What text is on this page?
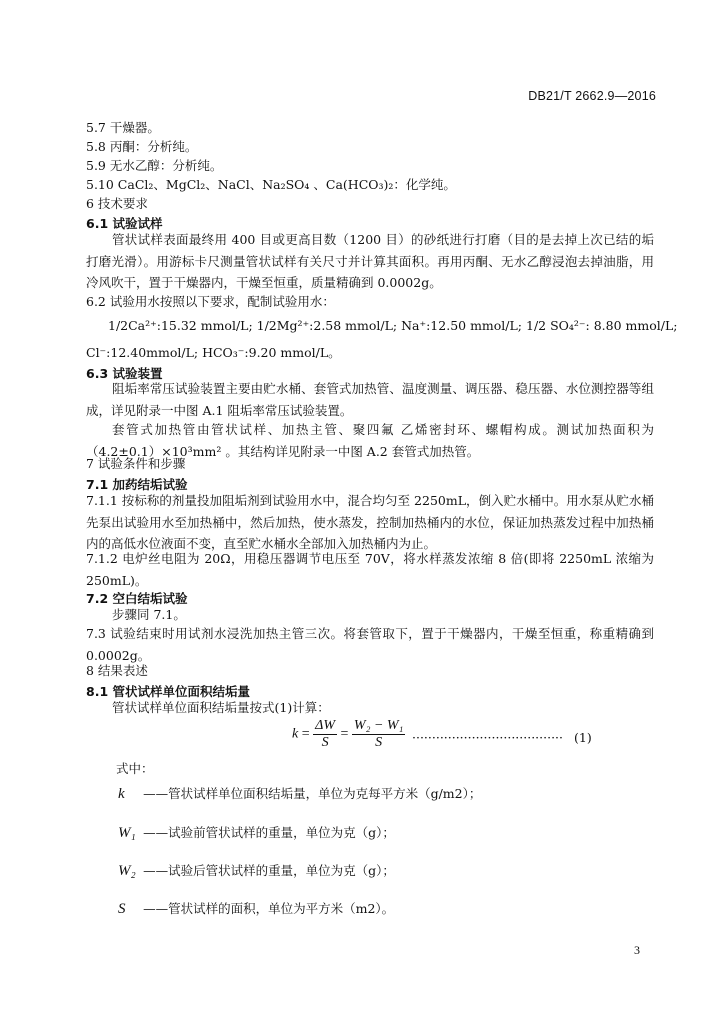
DB21/T 2662.9—2016
5.7 干燥器。
5.8 丙酮：分析纯。
5.9 无水乙醇：分析纯。
5.10 CaCl₂、MgCl₂、NaCl、Na₂SO₄ 、Ca(HCO₃)₂：化学纯。
6 技术要求
6.1 试验试样
管状试样表面最终用 400 目或更高目数（1200 目）的砂纸进行打磨（目的是去掉上次已结的垢打磨光滑）。用游标卡尺测量管状试样有关尺寸并计算其面积。再用丙酮、无水乙醇浸泡去掉油脂，用冷风吹干，置于干燥器内，干燥至恒重，质量精确到 0.0002g。
6.2 试验用水按照以下要求，配制试验用水：
1/2Ca²⁺:15.32 mmol/L; 1/2Mg²⁺:2.58 mmol/L; Na⁺:12.50 mmol/L; 1/2 SO₄²⁻: 8.80 mmol/L;
Cl⁻:12.40mmol/L; HCO₃⁻:9.20 mmol/L。
6.3 试验装置
阻垢率常压试验装置主要由贮水桶、套管式加热管、温度测量、调压器、稳压器、水位测控器等组成，详见附录一中图 A.1 阻垢率常压试验装置。
套管式加热管由管状试样、加热主管、聚四氟 乙烯密封环、螺帽构成。测试加热面积为（4.2±0.1）×10³mm² 。其结构详见附录一中图 A.2 套管式加热管。
7 试验条件和步骤
7.1 加药结垢试验
7.1.1 按标称的剂量投加阻垢剂到试验用水中，混合均匀至 2250mL，倒入贮水桶中。用水泵从贮水桶先泵出试验用水至加热桶中，然后加热，使水蒸发，控制加热桶内的水位，保证加热蒸发过程中加热桶内的高低水位液面不变，直至贮水桶水全部加入加热桶内为止。
7.1.2 电炉丝电阻为 20Ω，用稳压器调节电压至 70V，将水样蒸发浓缩 8 倍(即将 2250mL 浓缩为 250mL)。
7.2 空白结垢试验
步骤同 7.1。
7.3 试验结束时用试剂水浸洗加热主管三次。将套管取下，置于干燥器内，干燥至恒重，称重精确到 0.0002g。
8 结果表述
8.1 管状试样单位面积结垢量
管状试样单位面积结垢量按式(1)计算：
$k = \frac{\Delta W}{S} = \frac{\text{W₂ − W₁}}{S}$ ······································ (1)
式中：
k ——管状试样单位面积结垢量，单位为克每平方米（g/m2）；
W₁ ——试验前管状试样的重量，单位为克（g）；
W₂ ——试验后管状试样的重量，单位为克（g）；
S ——管状试样的面积，单位为平方米（m2）。
3
